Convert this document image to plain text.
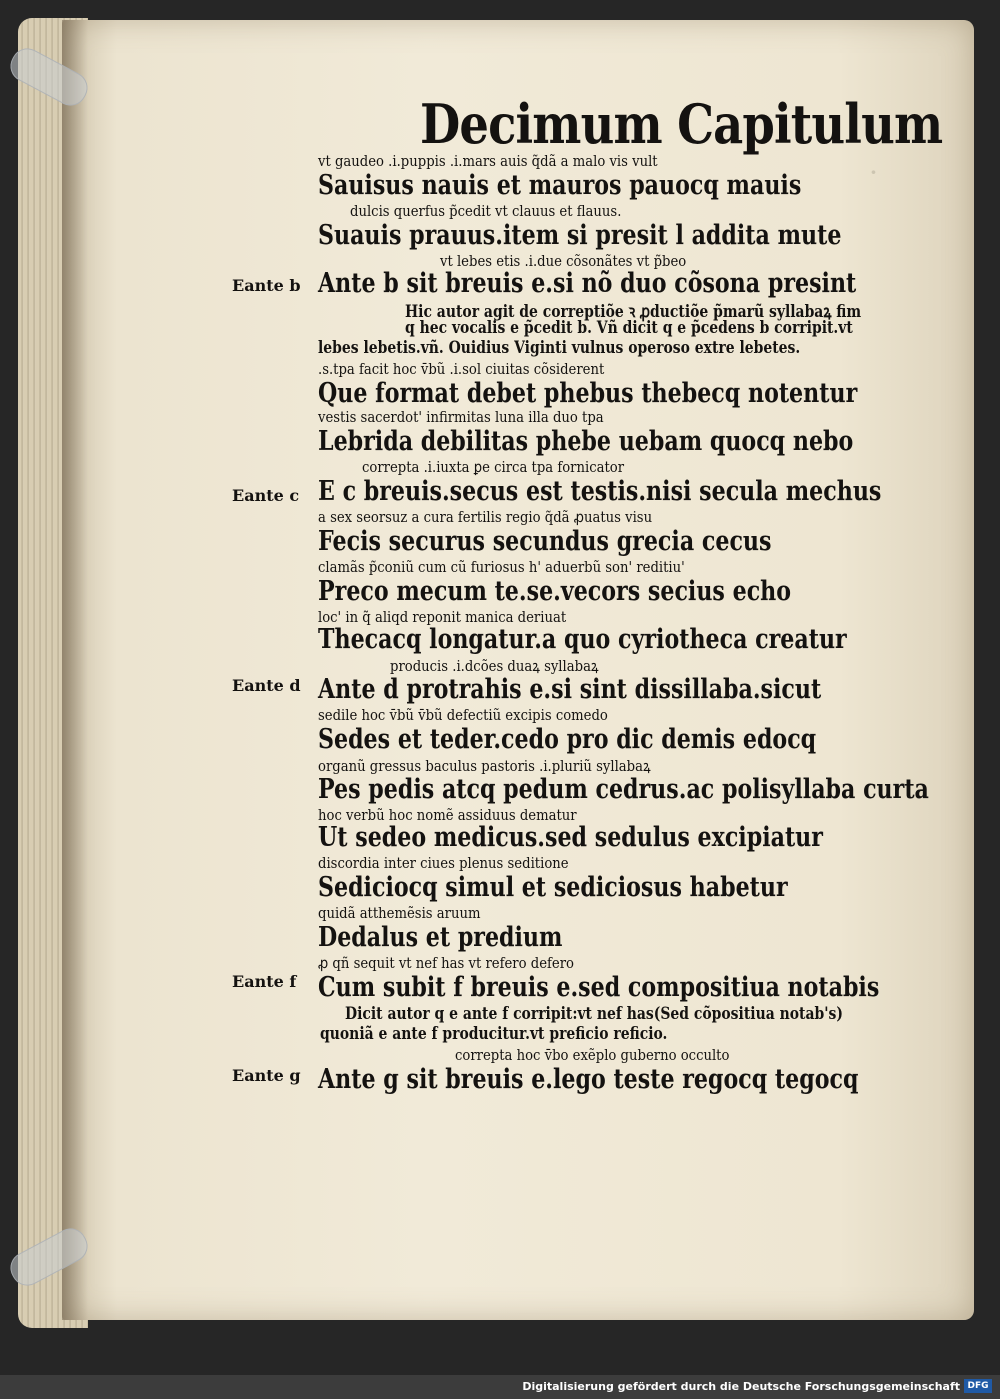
·
Decimum Capitulum
vt gaudeo .i.puppis .i.mars auis q̃dã a malo vis vult
Sauisus nauis et mauros pauocq mauis
dulcis querfus p̃cedit vt clauus et flauus.
Suauis prauus.item si presit l addita mute
vt lebes etis .i.due cõsonãtes vt p̃beo
Ante b sit breuis e.si nõ duo cõsona presint
Hic autor agit de correptiõe ꝛ ꝓductiõe p̃marũ syllabaꝝ fim
q hec vocalis e p̃cedit b. Vñ dicit q e p̃cedens b corripit.vt
lebes lebetis.vñ. Ouidius Viginti vulnus operoso extre lebetes.
.s.tpa facit hoc v̄bũ .i.sol ciuitas cõsiderent
Que format debet phebus thebecq notentur
vestis sacerdot' infirmitas luna illa duo tpa
Lebrida debilitas phebe uebam quocq nebo
correpta .i.iuxta ꝑe circa tpa fornicator
E c breuis.secus est testis.nisi secula mechus
a sex seorsuz a cura fertilis regio q̃dã ꝓuatus visu
Fecis securus secundus grecia cecus
clamãs p̃coniũ cum cũ furiosus h' aduerbũ son' reditiu'
Preco mecum te.se.vecors secius echo
loc' in q̃ aliqd reponit manica deriuat
Thecacq longatur.a quo cyriotheca creatur
producis .i.dcões duaꝝ syllabaꝝ
Ante d protrahis e.si sint dissillaba.sicut
sedile hoc v̄bũ v̄bũ defectiũ excipis comedo
Sedes et teder.cedo pro dic demis edocq
organũ gressus baculus pastoris .i.pluriũ syllabaꝝ
Pes pedis atcq pedum cedrus.ac polisyllaba curta
hoc verbũ hoc nomẽ assiduus dematur
Ut sedeo medicus.sed sedulus excipiatur
discordia inter ciues plenus seditione
Sediciocq simul et sediciosus habetur
quidã atthemẽsis aruum
Dedalus et predium
ꝓ qñ sequit vt nef has vt refero defero
Cum subit f breuis e.sed compositiua notabis
Dicit autor q e ante f corripit:vt nef has(Sed cõpositiua notab's)
quoniã e ante f producitur.vt preficio reficio.
correpta hoc v̄bo exẽplo guberno occulto
Ante g sit breuis e.lego teste regocq tegocq
Eante b
Eante c
Eante d
Eante f
Eante g
Digitalisierung gefördert durch die Deutsche Forschungsgemeinschaft DFG
